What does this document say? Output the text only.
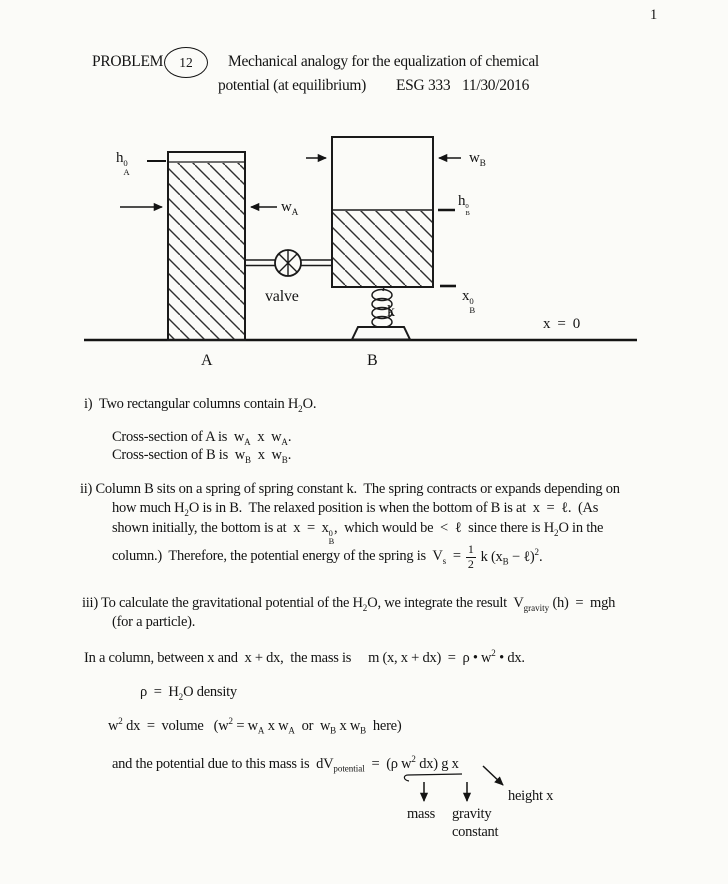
1
PROBLEM 12 Mechanical analogy for the equalization of chemical
potential (at equilibrium) ESG 333 11/30/2016
h 0
A
$w_A$
$w_B$
h 0
B
x 0
B
valve
k
x  =  0
A	B
i)  Two rectangular columns contain $H_2O$.
Cross-section of A is  $w_A$  x  $w_A$.
Cross-section of B is  $w_B$  x  $w_B$.
ii) Column B sits on a spring of spring constant k.  The spring contracts or expands depending on
how much $H_2O$ is in B.  The relaxed position is when the bottom of B is at  x  =  ℓ.  (As
shown initially, the bottom is at  x  =  x 0
B
,  which would be  <  ℓ  since there is $H_2O$ in the
column.)  Therefore, the potential energy of the spring is  $V_s = \frac{1}{2}$ k ($x_B$ − ℓ)$^2$.
iii) To calculate the gravitational potential of the $H_2O$, we integrate the result  $V_{gravity}$ (h)  =  mgh
(for a particle).
In a column, between x and  x + dx,  the mass is     m (x, x + dx)  =  ρ • $w^2$ • dx.
$\rho = H_2O$ density
$w^2$ dx  =  volume   ($w^2 = w_A$ x $w_A$  or  $w_B$ x $w_B$  here)
and the potential due to this mass is  $dV_{potential} = (\rho$ $w^2$ dx) g x
mass gravity
constant
height x
